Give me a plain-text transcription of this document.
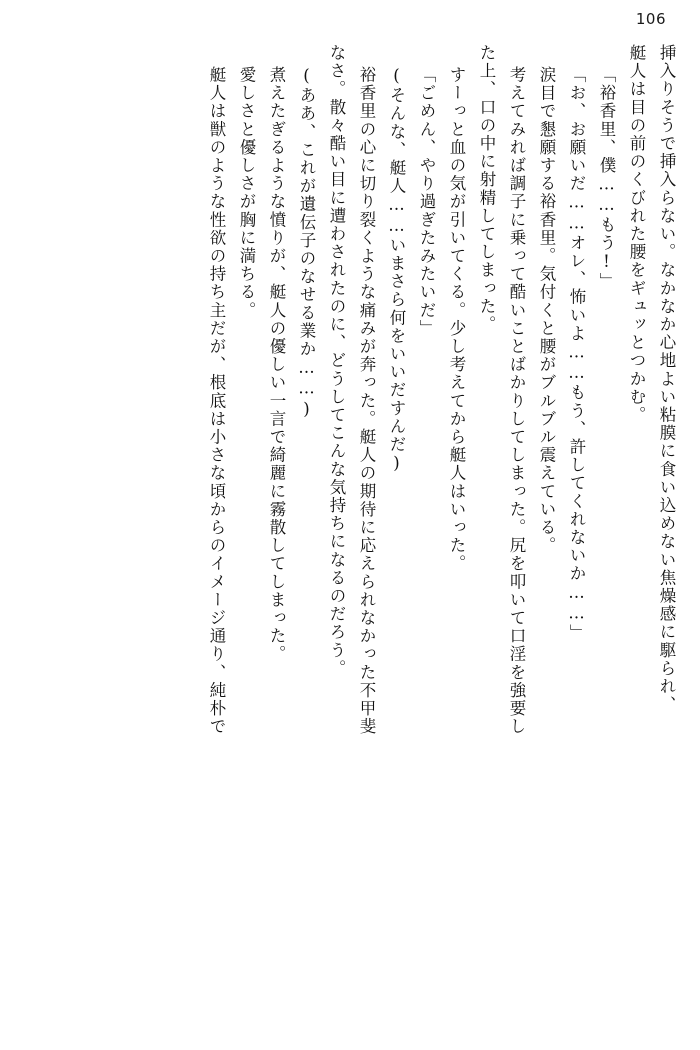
106
挿入りそうで挿入らない。なかなか心地よい粘膜に食い込めない焦燥感に駆られ、
艇人は目の前のくびれた腰をギュッとつかむ。
「裕香里、僕……もう!」
「お、お願いだ……オレ、怖いよ……もう、許してくれないか……」
涙目で懇願する裕香里。気付くと腰がブルブル震えている。
考えてみれば調子に乗って酷いことばかりしてしまった。尻を叩いて口淫を強要し
た上、口の中に射精してしまった。
すーっと血の気が引いてくる。少し考えてから艇人はいった。
「ごめん、やり過ぎたみたいだ」
(そんな、艇人……いまさら何をいいだすんだ)
裕香里の心に切り裂くような痛みが奔った。艇人の期待に応えられなかった不甲斐
なさ。散々酷い目に遭わされたのに、どうしてこんな気持ちになるのだろう。
(ああ、これが遺伝子のなせる業か……)
煮えたぎるような憤りが、艇人の優しい一言で綺麗に霧散してしまった。
愛しさと優しさが胸に満ちる。
艇人は獣のような性欲の持ち主だが、根底は小さな頃からのイメージ通り、純朴で
